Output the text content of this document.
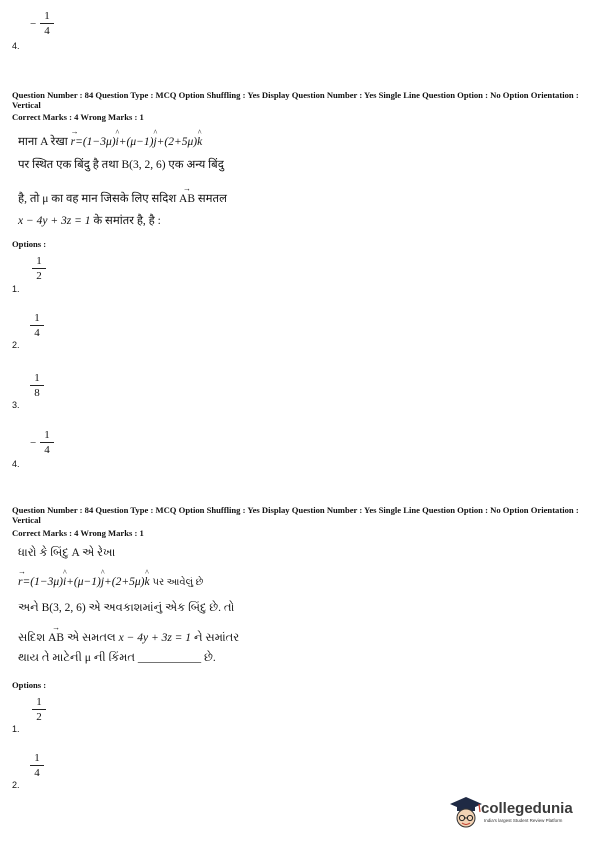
−
1
4
4.
Question Number : 84 Question Type : MCQ Option Shuffling : Yes Display Question Number : Yes Single Line Question Option : No Option Orientation : Vertical
Correct Marks : 4 Wrong Marks : 1
माना A रेखा → r=(1−3μ)^ i+(μ−1)^ j+(2+5μ)^ k
पर स्थित एक बिंदु है तथा B(3, 2, 6) एक अन्य बिंदु
है, तो μ का वह मान जिसके लिए सदिश → AB समतल
x − 4y + 3z = 1 के समांतर है, है :
Options :
1
2
1.
1
4
2.
1
8
3.
−
1
4
4.
Question Number : 84 Question Type : MCQ Option Shuffling : Yes Display Question Number : Yes Single Line Question Option : No Option Orientation : Vertical
Correct Marks : 4 Wrong Marks : 1
ધારો કે બિંદુ A એ રેખા
→ r=(1−3μ)^ i+(μ−1)^ j+(2+5μ)^ k પર આવેલું છે
અને B(3, 2, 6) એ અવકાશમાંનું એક બિંદુ છે. તો
સદિશ → AB એ સમતલ x − 4y + 3z = 1 ને સમાંતર
થાય તે માટેની μ ની કિંમત ___________ છે.
Options :
1
2
1.
1
4
2.
collegedunia
India's largest Student Review Platform
